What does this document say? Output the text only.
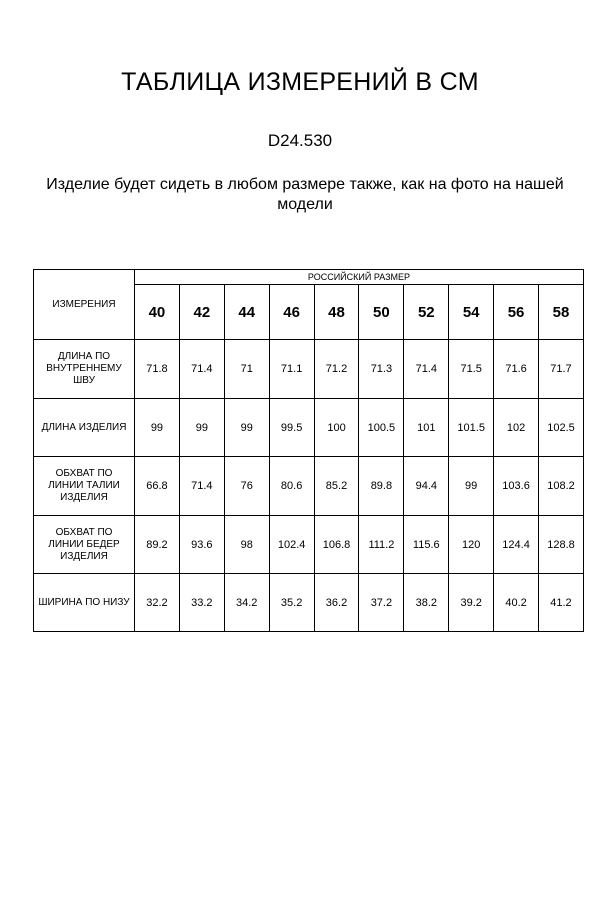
ТАБЛИЦА ИЗМЕРЕНИЙ В СМ
D24.530
Изделие будет сидеть в любом размере также, как на фото на нашей модели
ИЗМЕРЕНИЯ	РОССИЙСКИЙ РАЗМЕР									
	40	42	44	46	48	50	52	54	56	58
ДЛИНА ПО ВНУТРЕННЕМУ ШВУ	71.8	71.4	71	71.1	71.2	71.3	71.4	71.5	71.6	71.7
ДЛИНА ИЗДЕЛИЯ	99	99	99	99.5	100	100.5	101	101.5	102	102.5
ОБХВАТ ПО ЛИНИИ ТАЛИИ ИЗДЕЛИЯ	66.8	71.4	76	80.6	85.2	89.8	94.4	99	103.6	108.2
ОБХВАТ ПО ЛИНИИ БЕДЕР ИЗДЕЛИЯ	89.2	93.6	98	102.4	106.8	111.2	115.6	120	124.4	128.8
ШИРИНА ПО НИЗУ	32.2	33.2	34.2	35.2	36.2	37.2	38.2	39.2	40.2	41.2
